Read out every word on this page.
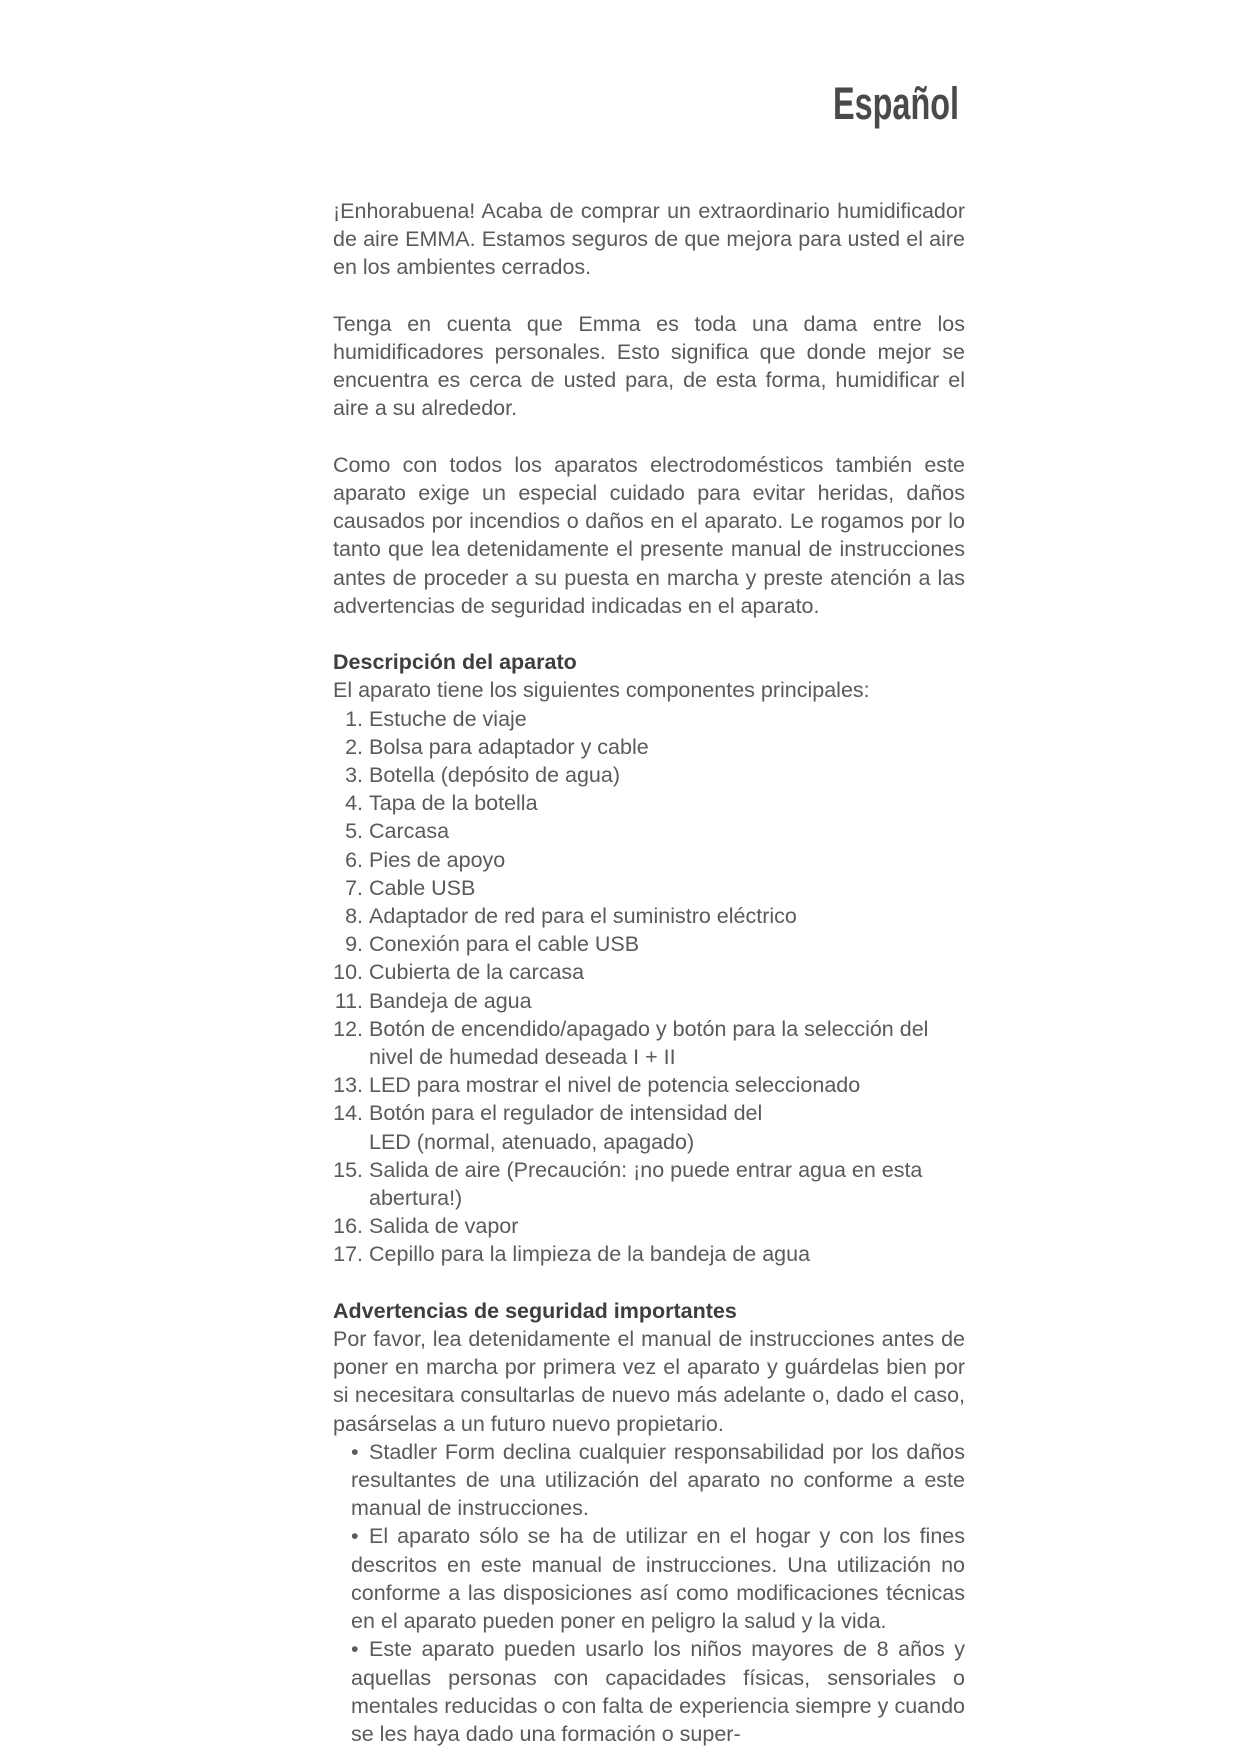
Español

¡Enhorabuena! Acaba de comprar un extraordinario humidificador de aire EMMA. Estamos seguros de que mejora para usted el aire en los ambientes cerrados.

Tenga en cuenta que Emma es toda una dama entre los humidificadores personales. Esto significa que donde mejor se encuentra es cerca de usted para, de esta forma, humidificar el aire a su alrededor.

Como con todos los aparatos electrodomésticos también este aparato exige un especial cuidado para evitar heridas, daños causados por incendios o daños en el aparato. Le rogamos por lo tanto que lea detenidamente el presente manual de instrucciones antes de proceder a su puesta en marcha y preste atención a las advertencias de seguridad indicadas en el aparato.

Descripción del aparato

El aparato tiene los siguientes componentes principales:

1. Estuche de viaje
2. Bolsa para adaptador y cable
3. Botella (depósito de agua)
4. Tapa de la botella
5. Carcasa
6. Pies de apoyo
7. Cable USB
8. Adaptador de red para el suministro eléctrico
9. Conexión para el cable USB
10. Cubierta de la carcasa
11. Bandeja de agua
12. Botón de encendido/apagado y botón para la selección del nivel de humedad deseada I + II
13. LED para mostrar el nivel de potencia seleccionado
14. Botón para el regulador de intensidad del LED (normal, atenuado, apagado)
15. Salida de aire (Precaución: ¡no puede entrar agua en esta abertura!)
16. Salida de vapor
17. Cepillo para la limpieza de la bandeja de agua

Advertencias de seguridad importantes

Por favor, lea detenidamente el manual de instrucciones antes de poner en marcha por primera vez el aparato y guárdelas bien por si necesitara consultarlas de nuevo más adelante o, dado el caso, pasárselas a un futuro nuevo propietario.

• Stadler Form declina cualquier responsabilidad por los daños resultantes de una utilización del aparato no conforme a este manual de instrucciones.
• El aparato sólo se ha de utilizar en el hogar y con los fines descritos en este manual de instrucciones. Una utilización no conforme a las disposiciones así como modificaciones técnicas en el aparato pueden poner en peligro la salud y la vida.
• Este aparato pueden usarlo los niños mayores de 8 años y aquellas personas con capacidades físicas, sensoriales o mentales reducidas o con falta de experiencia siempre y cuando se les haya dado una formación o super-
